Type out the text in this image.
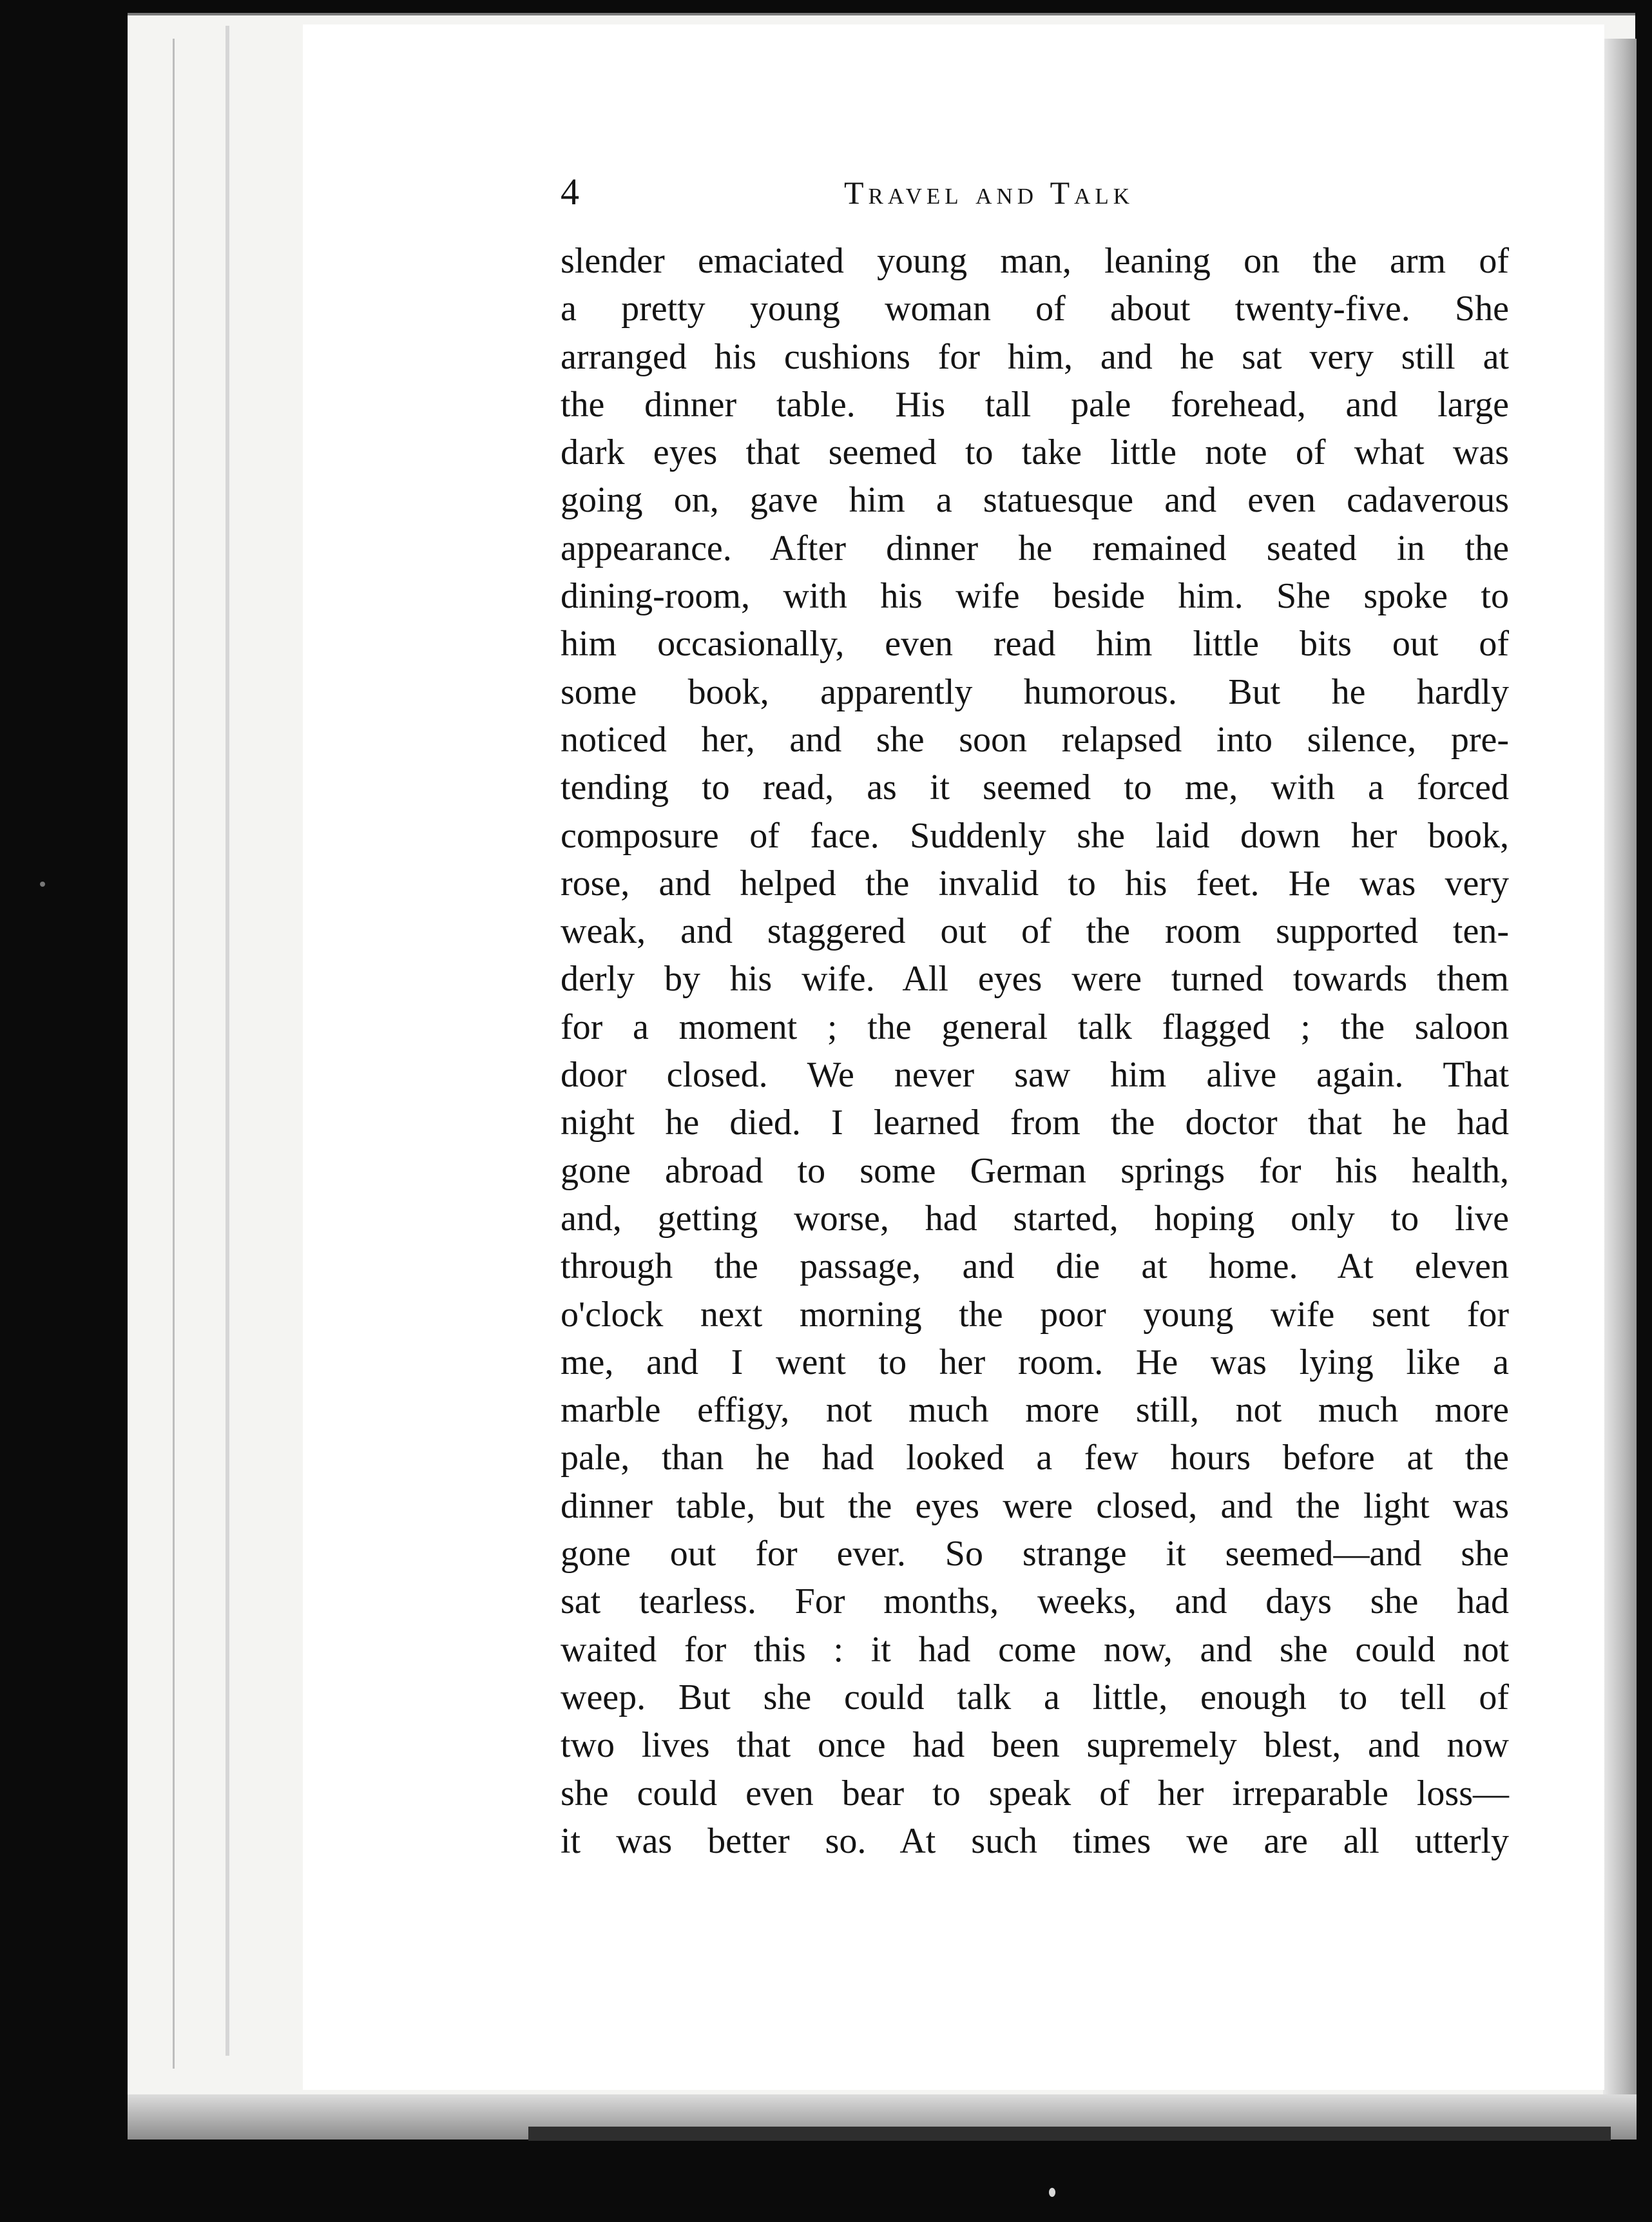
4	Travel and Talk
slender emaciated young man, leaning on the arm of
a pretty young woman of about twenty-five. She
arranged his cushions for him, and he sat very still at
the dinner table. His tall pale forehead, and large
dark eyes that seemed to take little note of what was
going on, gave him a statuesque and even cadaverous
appearance. After dinner he remained seated in the
dining-room, with his wife beside him. She spoke to
him occasionally, even read him little bits out of
some book, apparently humorous. But he hardly
noticed her, and she soon relapsed into silence, pre-
tending to read, as it seemed to me, with a forced
composure of face. Suddenly she laid down her book,
rose, and helped the invalid to his feet. He was very
weak, and staggered out of the room supported ten-
derly by his wife. All eyes were turned towards them
for a moment ; the general talk flagged ; the saloon
door closed. We never saw him alive again. That
night he died. I learned from the doctor that he had
gone abroad to some German springs for his health,
and, getting worse, had started, hoping only to live
through the passage, and die at home. At eleven
o'clock next morning the poor young wife sent for
me, and I went to her room. He was lying like a
marble effigy, not much more still, not much more
pale, than he had looked a few hours before at the
dinner table, but the eyes were closed, and the light was
gone out for ever. So strange it seemed—and she
sat tearless. For months, weeks, and days she had
waited for this : it had come now, and she could not
weep. But she could talk a little, enough to tell of
two lives that once had been supremely blest, and now
she could even bear to speak of her irreparable loss—
it was better so. At such times we are all utterly
